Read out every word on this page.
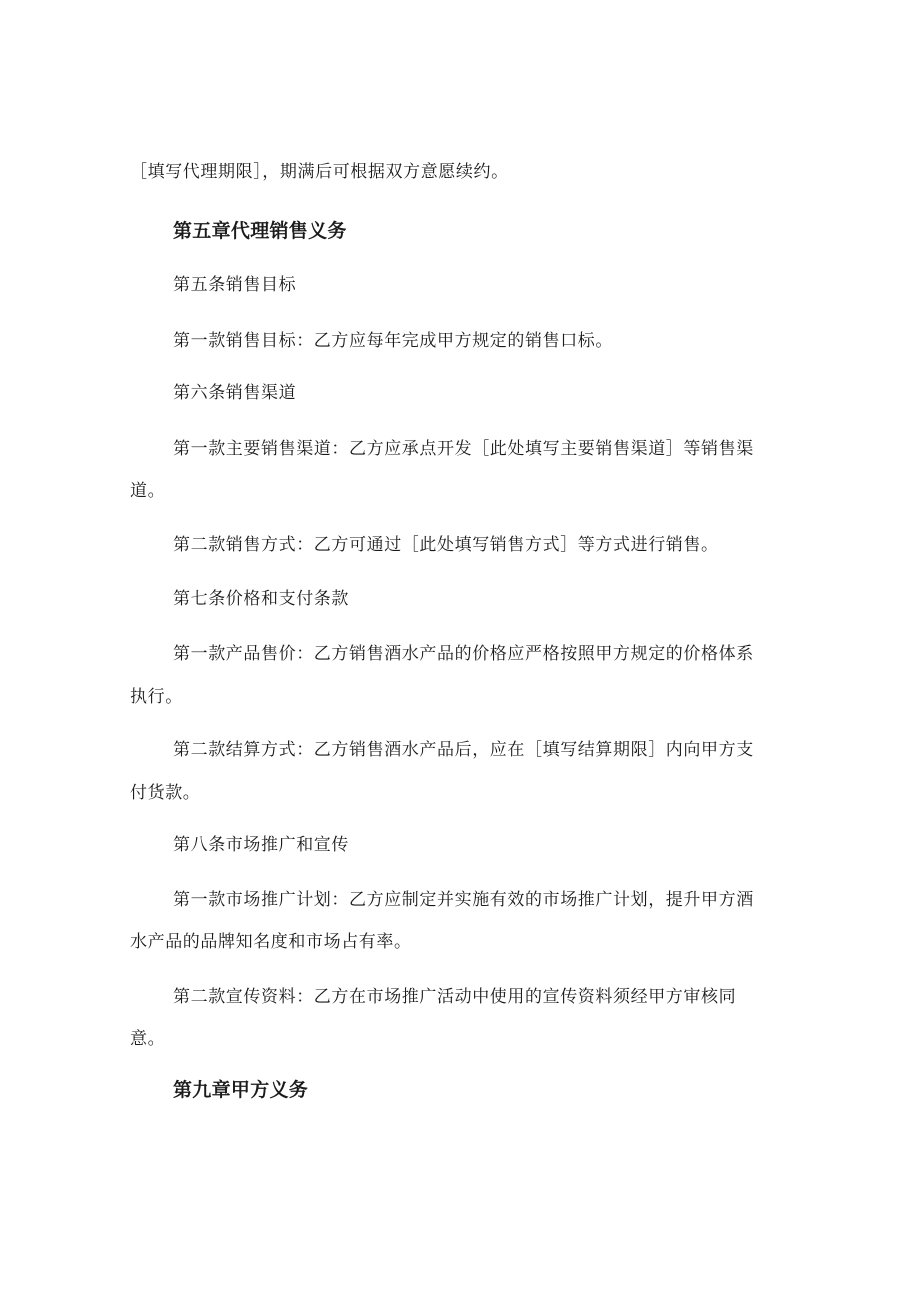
［填写代理期限］，期满后可根据双方意愿续约。
第五章代理销售义务
第五条销售目标
第一款销售目标：乙方应每年完成甲方规定的销售口标。
第六条销售渠道
第一款主要销售渠道：乙方应承点开发［此处填写主要销售渠道］等销售渠
道。
第二款销售方式：乙方可通过［此处填写销售方式］等方式进行销售。
第七条价格和支付条款
第一款产品售价：乙方销售酒水产品的价格应严格按照甲方规定的价格体系
执行。
第二款结算方式：乙方销售酒水产品后，应在［填写结算期限］内向甲方支
付货款。
第八条市场推广和宣传
第一款市场推广计划：乙方应制定并实施有效的市场推广计划，提升甲方酒
水产品的品牌知名度和市场占有率。
第二款宣传资料：乙方在市场推广活动中使用的宣传资料须经甲方审核同
意。
第九章甲方义务
